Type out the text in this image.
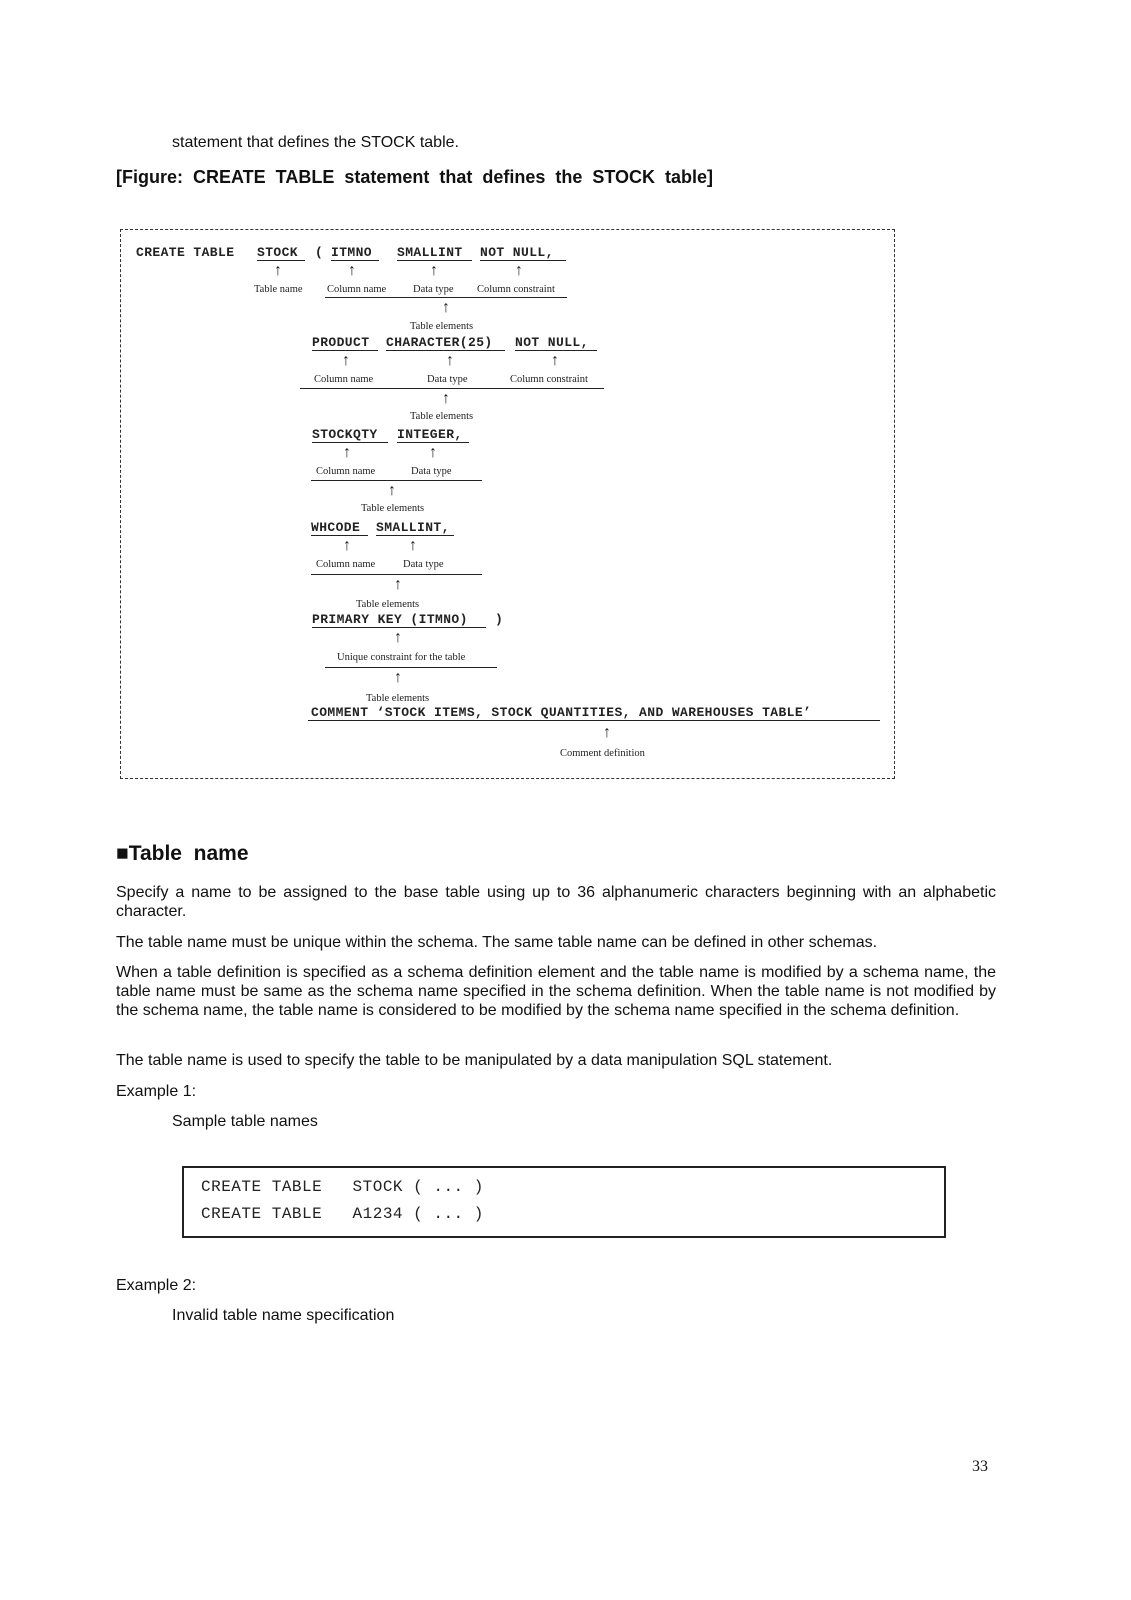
statement that defines the STOCK table.
[Figure:  CREATE  TABLE  statement  that  defines  the  STOCK  table]
CREATE TABLE STOCK ( ITMNO SMALLINT NOT NULL,
↑	↑	↑	↑
Table name Column name	Data type Column constraint
↑
Table elements
PRODUCT CHARACTER(25) NOT NULL,
↑	↑	↑
Column name	Data type	Column constraint
↑
Table elements
STOCKQTY INTEGER,
↑	↑
Column name	Data type
↑
Table elements
WHCODE SMALLINT,
↑	↑
Column name	Data type
↑
Table elements
PRIMARY KEY (ITMNO) )
↑
Unique constraint for the table
↑
Table elements
COMMENT ‘STOCK ITEMS, STOCK QUANTITIES, AND WAREHOUSES TABLE’
↑
Comment definition
■Table  name
Specify a name to be assigned to the base table using up to 36 alphanumeric characters beginning with an alphabetic character.
The table name must be unique within the schema. The same table name can be defined in other schemas.
When a table definition is specified as a schema definition element and the table name is modified by a schema name, the table name must be same as the schema name specified in the schema definition. When the table name is not modified by the schema name, the table name is considered to be modified by the schema name specified in the schema definition.
The table name is used to specify the table to be manipulated by a data manipulation SQL statement.
Example 1:
Sample table names
CREATE TABLE   STOCK ( ... )
CREATE TABLE   A1234 ( ... )
Example 2:
Invalid table name specification
33
